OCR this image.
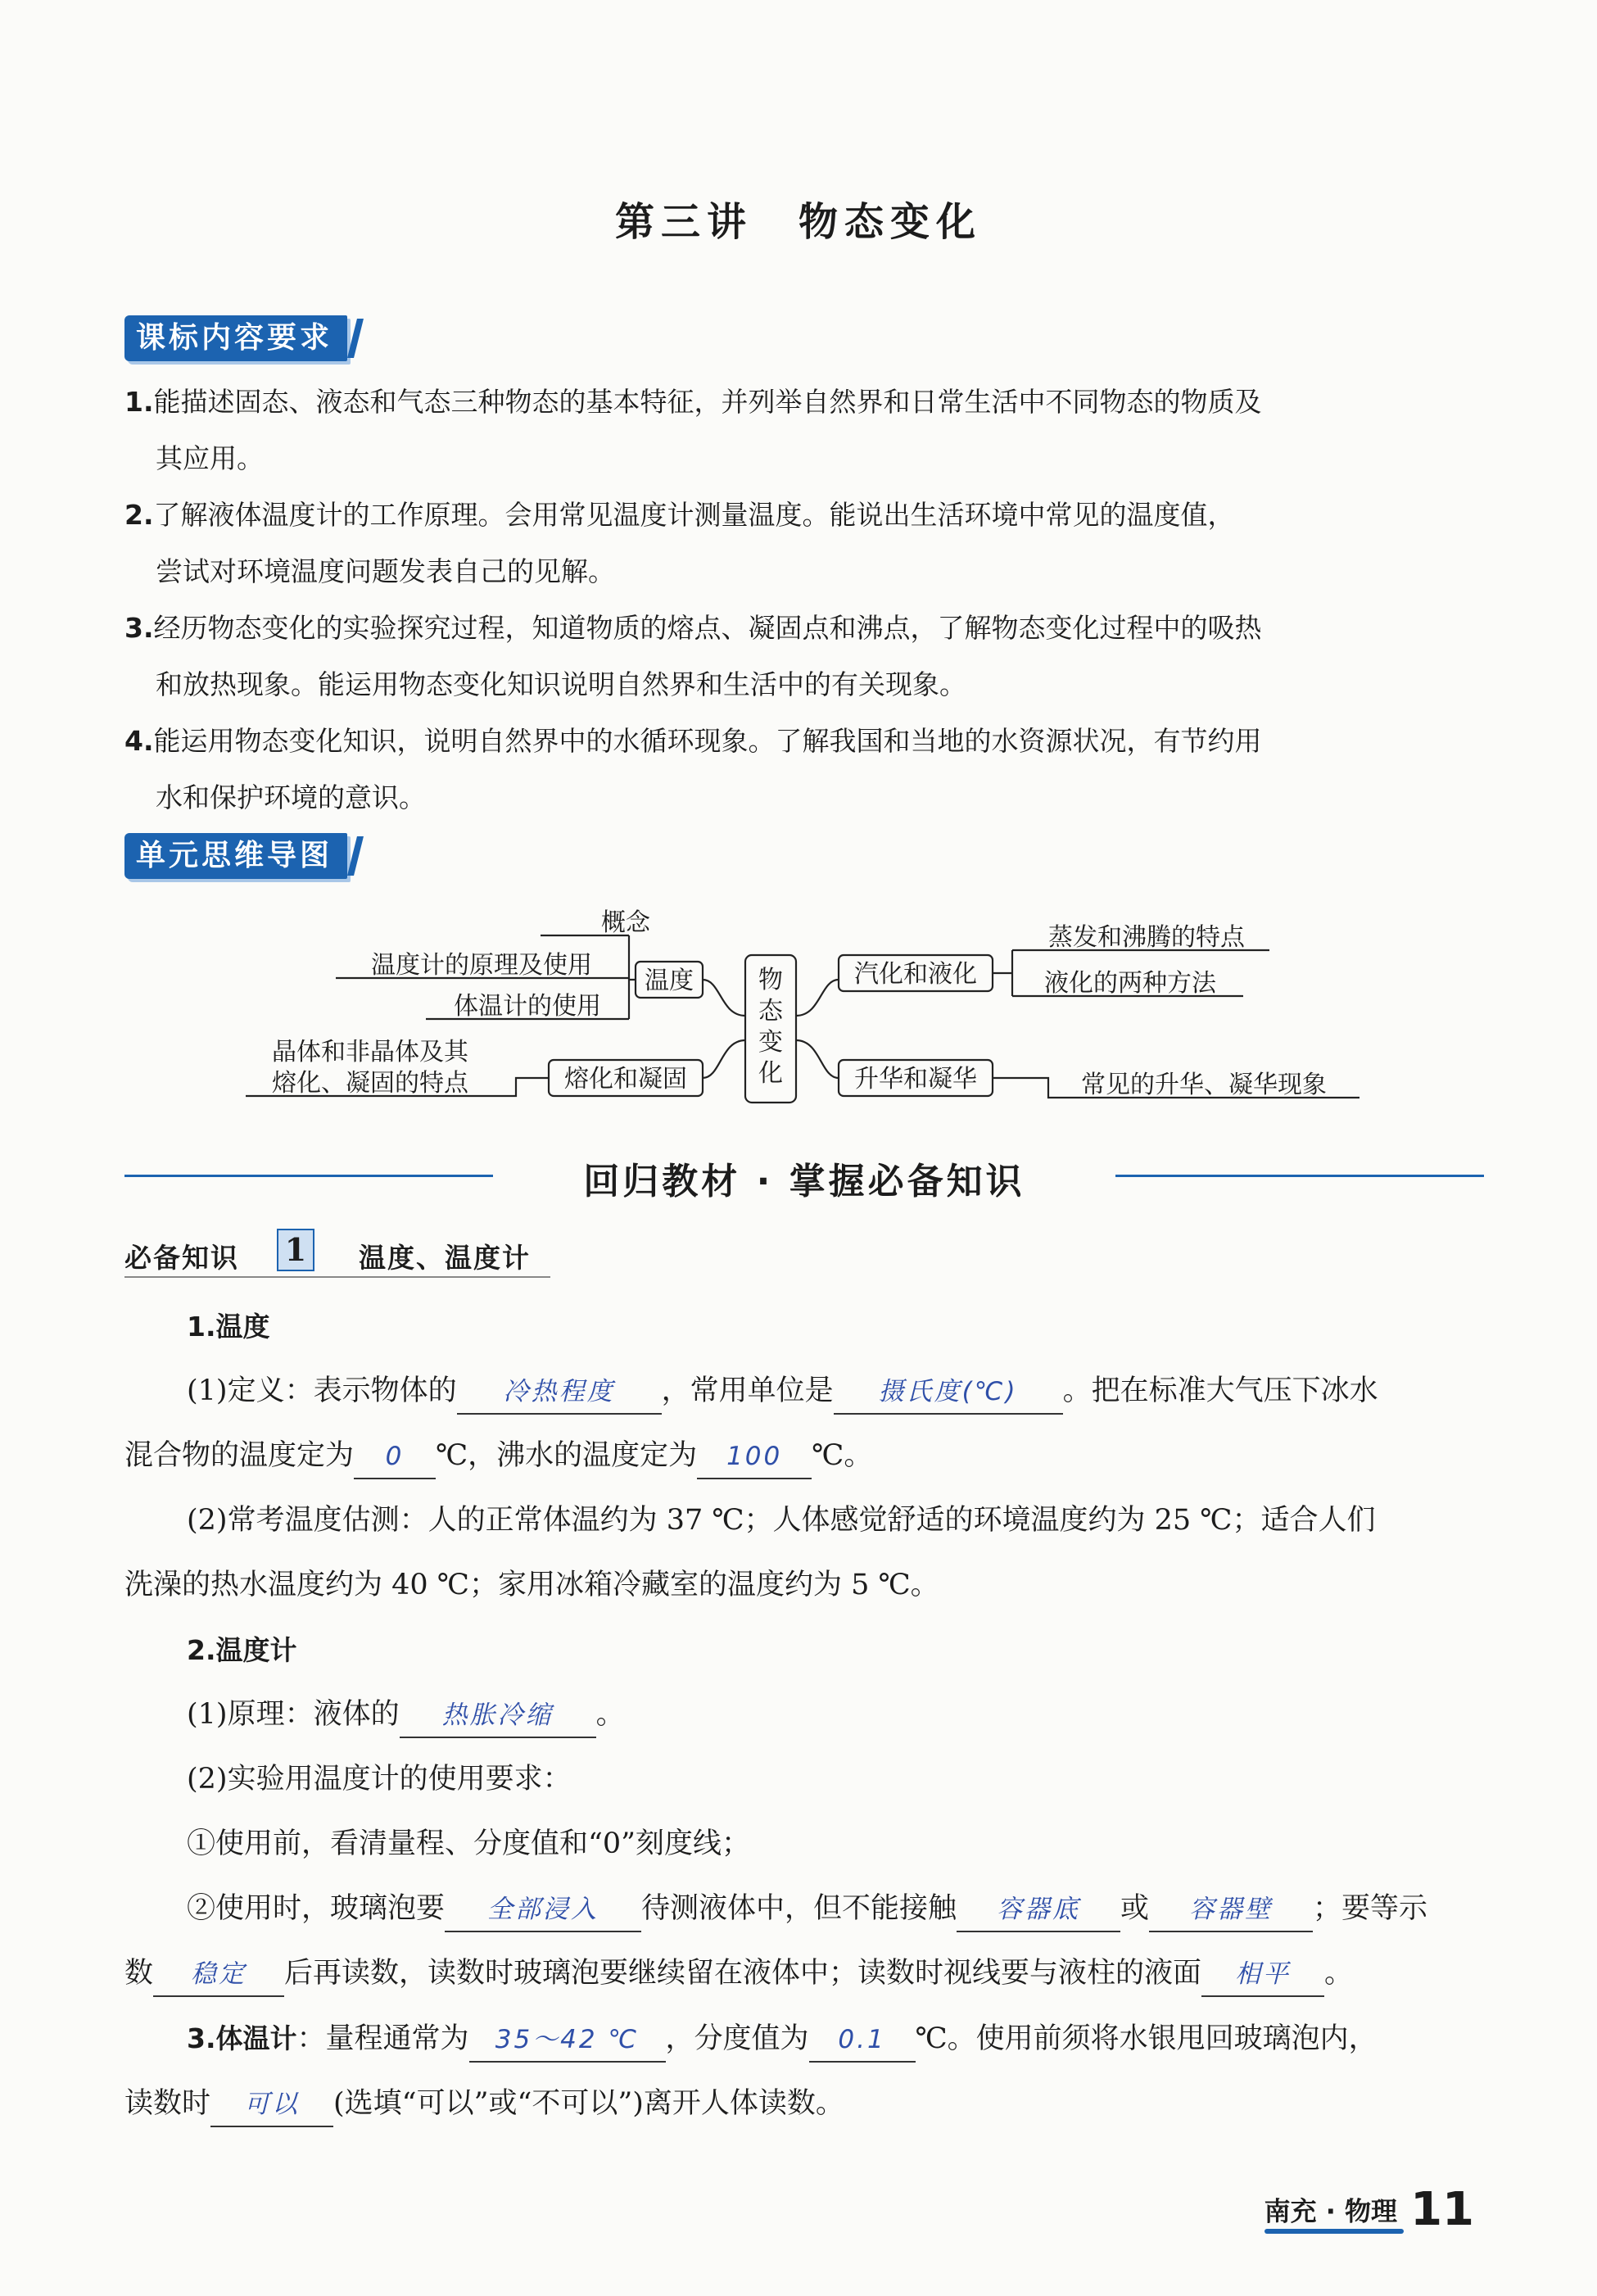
第三讲　物态变化
课标内容要求

1.能描述固态、液态和气态三种物态的基本特征，并列举自然界和日常生活中不同物态的物质及
其应用。

2.了解液体温度计的工作原理。会用常见温度计测量温度。能说出生活环境中常见的温度值，
尝试对环境温度问题发表自己的见解。

3.经历物态变化的实验探究过程，知道物质的熔点、凝固点和沸点，了解物态变化过程中的吸热
和放热现象。能运用物态变化知识说明自然界和生活中的有关现象。

4.能运用物态变化知识，说明自然界中的水循环现象。了解我国和当地的水资源状况，有节约用
水和保护环境的意识。

单元思维导图
物
态
变
化
温度
概念
温度计的原理及使用
体温计的使用
熔化和凝固
晶体和非晶体及其
熔化、凝固的特点
汽化和液化
蒸发和沸腾的特点
液化的两种方法
升华和凝华	常见的升华、凝华现象
回归教材 · 掌握必备知识
必备知识 1 温度、温度计

1.温度

(1)定义：表示物体的 冷热程度 ，常用单位是 摄氏度(℃) 。把在标准大气压下冰水

混合物的温度定为 0 ℃，沸水的温度定为 100 ℃。

(2)常考温度估测：人的正常体温约为 37 ℃；人体感觉舒适的环境温度约为 25 ℃；适合人们

洗澡的热水温度约为 40 ℃；家用冰箱冷藏室的温度约为 5 ℃。

2.温度计

(1)原理：液体的 热胀冷缩 。

(2)实验用温度计的使用要求：

①使用前，看清量程、分度值和“0”刻度线；

②使用时，玻璃泡要 全部浸入 待测液体中，但不能接触 容器底 或 容器壁 ；要等示

数 稳定 后再读数，读数时玻璃泡要继续留在液体中；读数时视线要与液柱的液面 相平 。

3.体温计：量程通常为 35～42 ℃ ，分度值为 0.1 ℃。使用前须将水银甩回玻璃泡内，

读数时 可以 (选填“可以”或“不可以”)离开人体读数。

南充 · 物理 11
